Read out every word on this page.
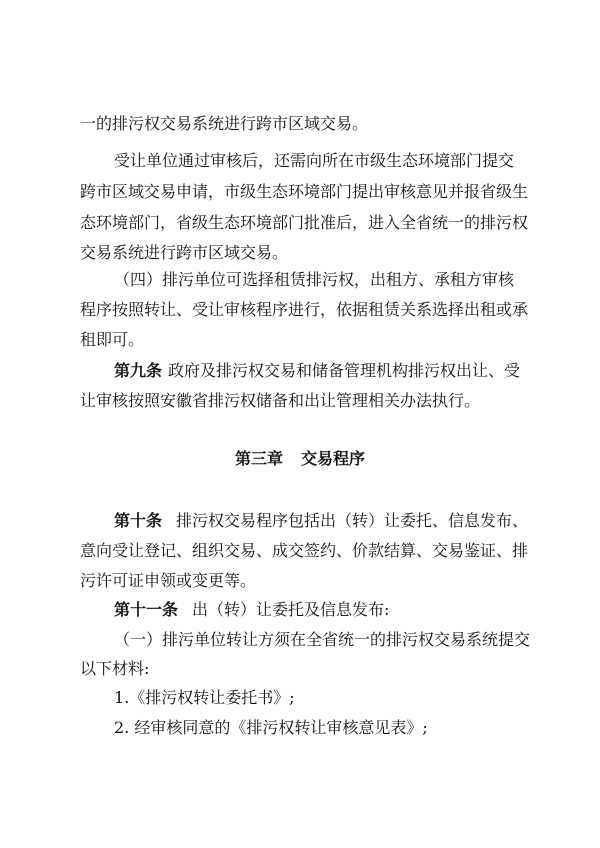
一的排污权交易系统进行跨市区域交易。

受让单位通过审核后，还需向所在市级生态环境部门提交

跨市区域交易申请，市级生态环境部门提出审核意见并报省级生

态环境部门，省级生态环境部门批准后，进入全省统一的排污权

交易系统进行跨市区域交易。

（四）排污单位可选择租赁排污权，出租方、承租方审核

程序按照转让、受让审核程序进行，依据租赁关系选择出租或承

租即可。

第九条 政府及排污权交易和储备管理机构排污权出让、受

让审核按照安徽省排污权储备和出让管理相关办法执行。

第三章 交易程序

第十条 排污权交易程序包括出（转）让委托、信息发布、

意向受让登记、组织交易、成交签约、价款结算、交易鉴证、排

污许可证申领或变更等。

第十一条 出（转）让委托及信息发布:

（一）排污单位转让方须在全省统一的排污权交易系统提交

以下材料:

1.《排污权转让委托书》;

2. 经审核同意的《排污权转让审核意见表》;
